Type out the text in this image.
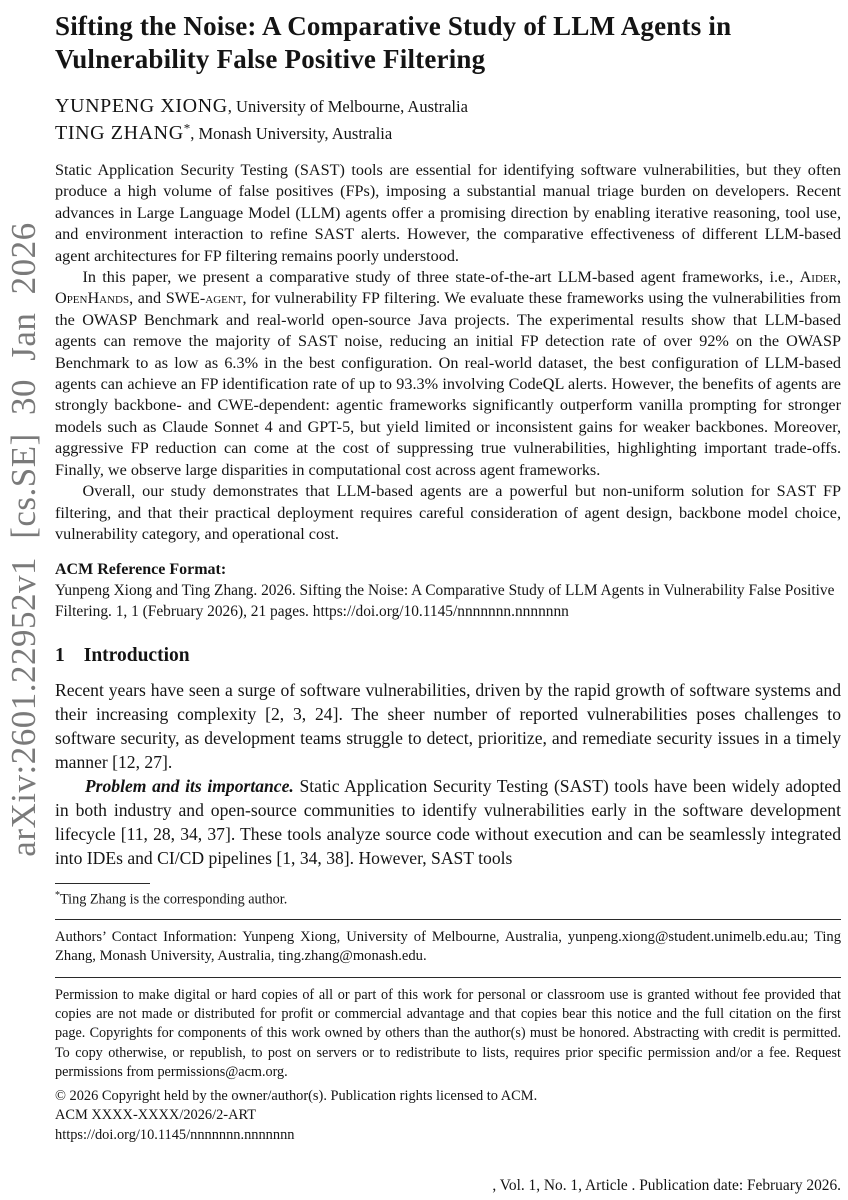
arXiv:2601.22952v1 [cs.SE] 30 Jan 2026
Sifting the Noise: A Comparative Study of LLM Agents in Vulnerability False Positive Filtering
YUNPENG XIONG, University of Melbourne, Australia
TING ZHANG*, Monash University, Australia

Static Application Security Testing (SAST) tools are essential for identifying software vulnerabilities, but they often produce a high volume of false positives (FPs), imposing a substantial manual triage burden on developers. Recent advances in Large Language Model (LLM) agents offer a promising direction by enabling iterative reasoning, tool use, and environment interaction to refine SAST alerts. However, the comparative effectiveness of different LLM-based agent architectures for FP filtering remains poorly understood.

In this paper, we present a comparative study of three state-of-the-art LLM-based agent frameworks, i.e., Aider, OpenHands, and SWE-agent, for vulnerability FP filtering. We evaluate these frameworks using the vulnerabilities from the OWASP Benchmark and real-world open-source Java projects. The experimental results show that LLM-based agents can remove the majority of SAST noise, reducing an initial FP detection rate of over 92% on the OWASP Benchmark to as low as 6.3% in the best configuration. On real-world dataset, the best configuration of LLM-based agents can achieve an FP identification rate of up to 93.3% involving CodeQL alerts. However, the benefits of agents are strongly backbone- and CWE-dependent: agentic frameworks significantly outperform vanilla prompting for stronger models such as Claude Sonnet 4 and GPT-5, but yield limited or inconsistent gains for weaker backbones. Moreover, aggressive FP reduction can come at the cost of suppressing true vulnerabilities, highlighting important trade-offs. Finally, we observe large disparities in computational cost across agent frameworks.

Overall, our study demonstrates that LLM-based agents are a powerful but non-uniform solution for SAST FP filtering, and that their practical deployment requires careful consideration of agent design, backbone model choice, vulnerability category, and operational cost.

ACM Reference Format:
Yunpeng Xiong and Ting Zhang. 2026. Sifting the Noise: A Comparative Study of LLM Agents in Vulnerability False Positive Filtering. 1, 1 (February 2026), 21 pages. https://doi.org/10.1145/nnnnnnn.nnnnnnn
1 Introduction

Recent years have seen a surge of software vulnerabilities, driven by the rapid growth of software systems and their increasing complexity [2, 3, 24]. The sheer number of reported vulnerabilities poses challenges to software security, as development teams struggle to detect, prioritize, and remediate security issues in a timely manner [12, 27].

Problem and its importance. Static Application Security Testing (SAST) tools have been widely adopted in both industry and open-source communities to identify vulnerabilities early in the software development lifecycle [11, 28, 34, 37]. These tools analyze source code without execution and can be seamlessly integrated into IDEs and CI/CD pipelines [1, 34, 38]. However, SAST tools

*Ting Zhang is the corresponding author.
Authors’ Contact Information: Yunpeng Xiong, University of Melbourne, Australia, yunpeng.xiong@student.unimelb.edu.au; Ting Zhang, Monash University, Australia, ting.zhang@monash.edu.
Permission to make digital or hard copies of all or part of this work for personal or classroom use is granted without fee provided that copies are not made or distributed for profit or commercial advantage and that copies bear this notice and the full citation on the first page. Copyrights for components of this work owned by others than the author(s) must be honored. Abstracting with credit is permitted. To copy otherwise, or republish, to post on servers or to redistribute to lists, requires prior specific permission and/or a fee. Request permissions from permissions@acm.org.
© 2026 Copyright held by the owner/author(s). Publication rights licensed to ACM.
ACM XXXX-XXXX/2026/2-ART
https://doi.org/10.1145/nnnnnnn.nnnnnnn
, Vol. 1, No. 1, Article . Publication date: February 2026.
